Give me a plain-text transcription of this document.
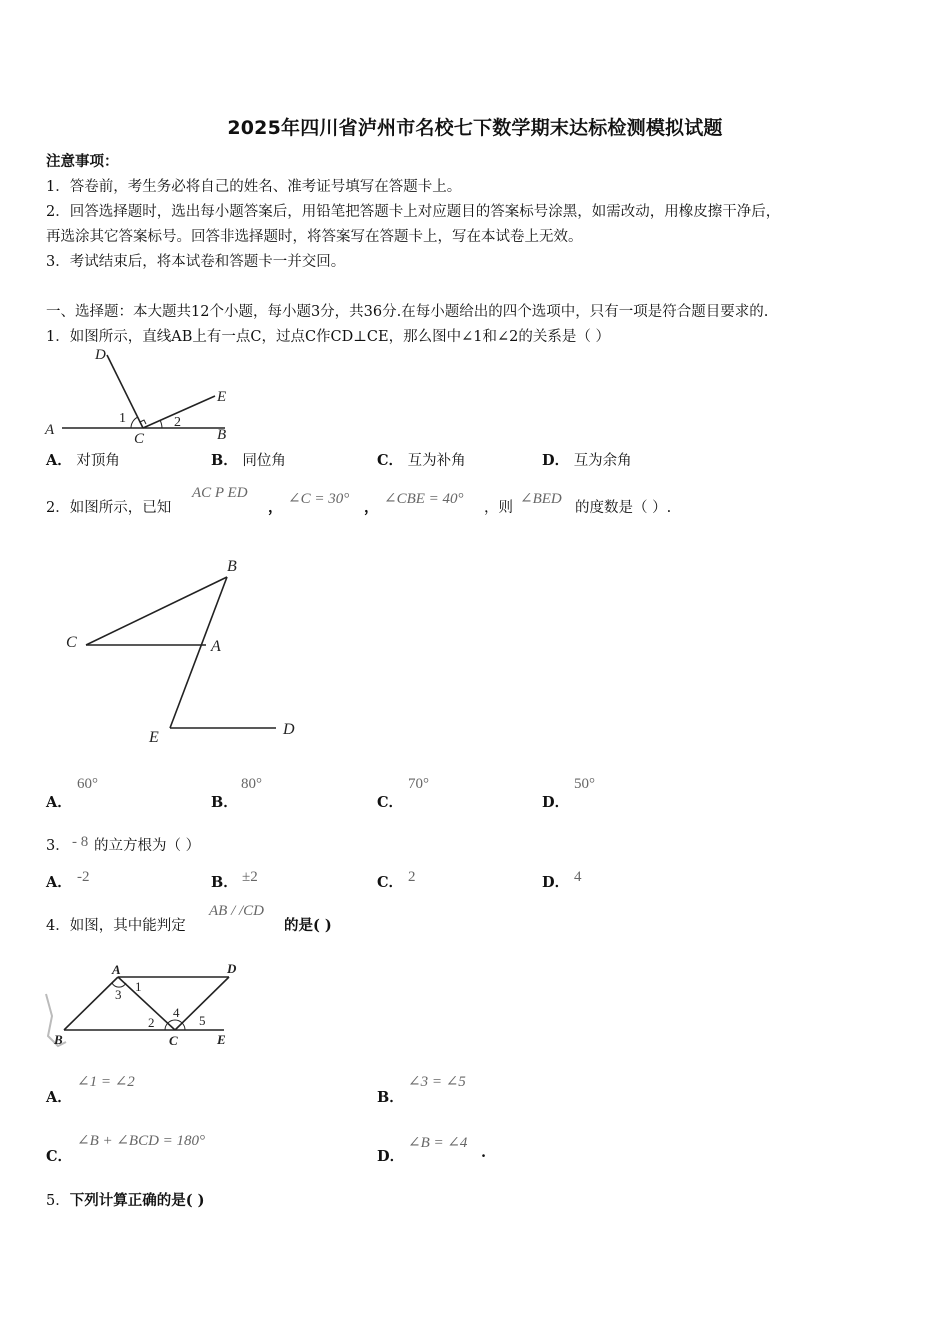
2025年四川省泸州市名校七下数学期末达标检测模拟试题
注意事项：
1．答卷前，考生务必将自己的姓名、准考证号填写在答题卡上。
2．回答选择题时，选出每小题答案后，用铅笔把答题卡上对应题目的答案标号涂黑，如需改动，用橡皮擦干净后，
再选涂其它答案标号。回答非选择题时，将答案写在答题卡上，写在本试卷上无效。
3．考试结束后，将本试卷和答题卡一并交回。
一、选择题：本大题共12个小题，每小题3分，共36分.在每小题给出的四个选项中，只有一项是符合题目要求的.
1．如图所示，直线AB上有一点C，过点C作CD⊥CE，那么图中∠1和∠2的关系是（ ）
D
E
A	B
C
1	2
A． 对顶角	B． 同位角	C． 互为补角	D． 互为余角
2．如图所示，已知
AC P ED
， ∠C = 30° ， ∠CBE = 40°
，则
∠BED
的度数是（ ）.
B
C	A
E	D
A．
60°
B．
80°
C．
70°
D．
50°
3． - 8 的立方根为（ ）
A． -2	B． ±2	C． 2	D． 4
4．如图，其中能判定
AB / /CD
的是( )
A	D
B	C	E
1
3
2
4
5
A．
∠1 = ∠2
B．
∠3 = ∠5
C．
∠B + ∠BCD = 180°
D．
∠B = ∠4
.
5．下列计算正确的是( )
